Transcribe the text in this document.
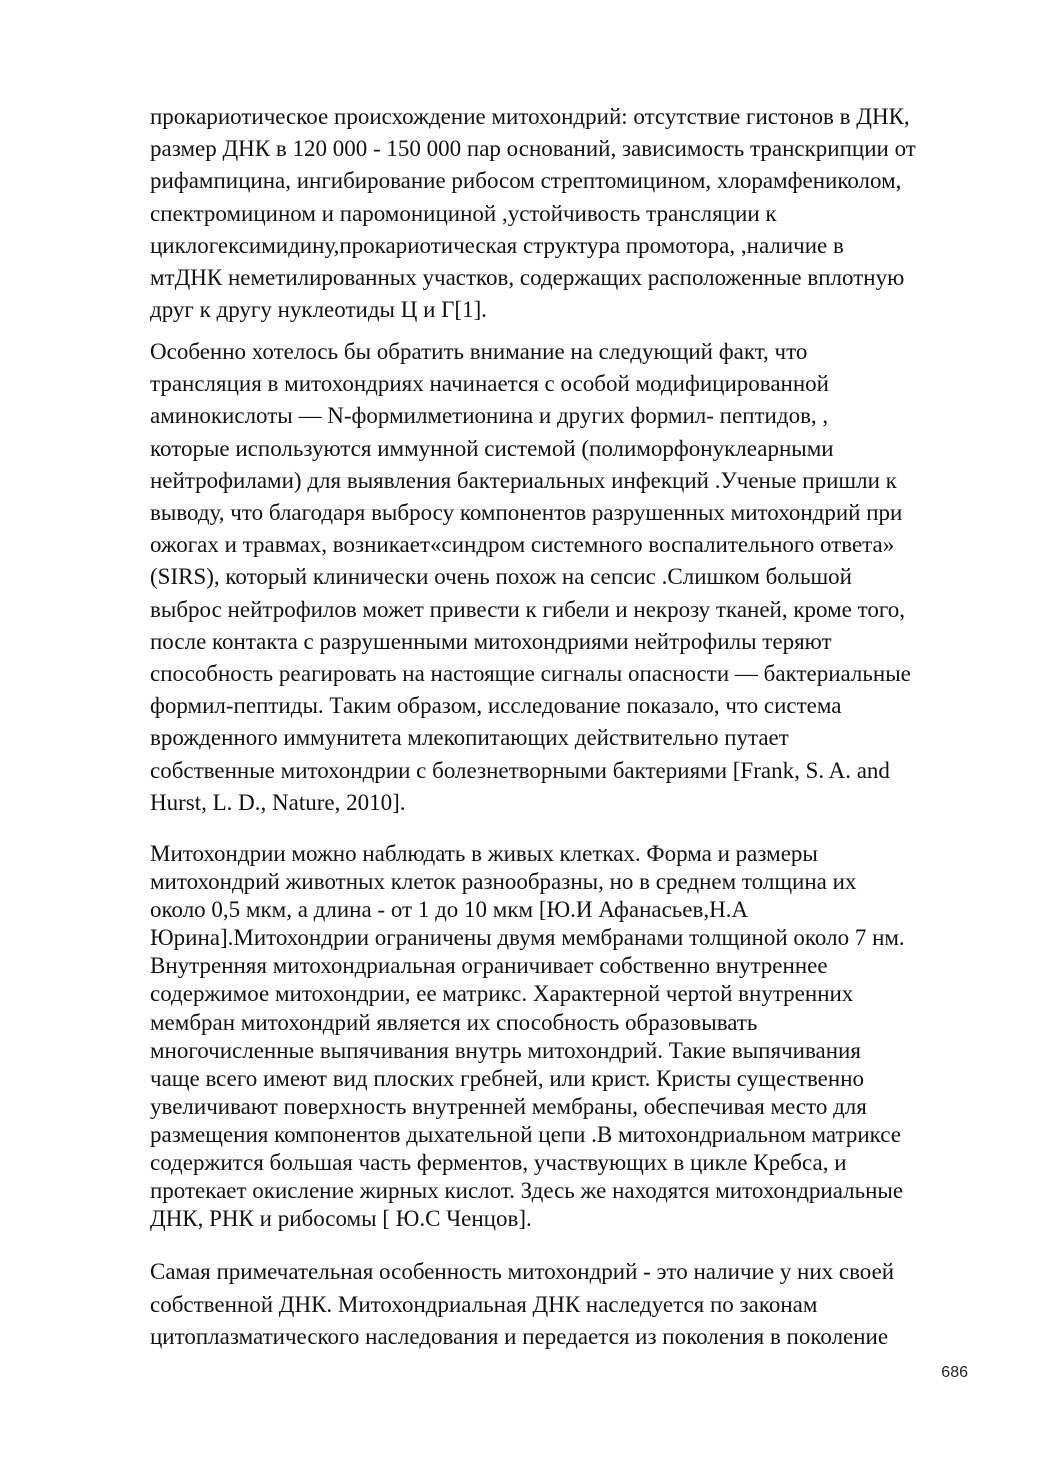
прокариотическое происхождение митохондрий: отсутствие гистонов в ДНК,
размер ДНК в 120 000 - 150 000 пар оснований, зависимость транскрипции от
рифампицина, ингибирование рибосом стрептомицином, хлорамфениколом,
спектромицином и паромонициной ,устойчивость трансляции к
циклогексимидину,прокариотическая структура промотора, ,наличие в
мтДНК неметилированных участков, содержащих расположенные вплотную
друг к другу нуклеотиды Ц и Г[1].

Особенно хотелось бы обратить внимание на следующий факт, что
трансляция в митохондриях начинается с особой модифицированной
аминокислоты — N-формилметионина и других формил- пептидов, ,
которые используются иммунной системой (полиморфонуклеарными
нейтрофилами) для выявления бактериальных инфекций .Ученые пришли к
выводу, что благодаря выбросу компонентов разрушенных митохондрий при
ожогах и травмах, возникает«синдром системного воспалительного ответа»
(SIRS), который клинически очень похож на сепсис .Слишком большой
выброс нейтрофилов может привести к гибели и некрозу тканей, кроме того,
после контакта с разрушенными митохондриями нейтрофилы теряют
способность реагировать на настоящие сигналы опасности — бактериальные
формил-пептиды. Таким образом, исследование показало, что система
врожденного иммунитета млекопитающих действительно путает
собственные митохондрии с болезнетворными бактериями [Frank, S. A. and
Hurst, L. D., Nature, 2010].

Митохондрии можно наблюдать в живых клетках. Форма и размеры
митохондрий животных клеток разнообразны, но в среднем толщина их
около 0,5 мкм, а длина - от 1 до 10 мкм [Ю.И Афанасьев,Н.А
Юрина].Митохондрии ограничены двумя мембранами толщиной около 7 нм.
Внутренняя митохондриальная ограничивает собственно внутреннее
содержимое митохондрии, ее матрикс. Характерной чертой внутренних
мембран митохондрий является их способность образовывать
многочисленные выпячивания внутрь митохондрий. Такие выпячивания
чаще всего имеют вид плоских гребней, или крист. Кристы существенно
увеличивают поверхность внутренней мембраны, обеспечивая место для
размещения компонентов дыхательной цепи .В митохондриальном матриксе
содержится большая часть ферментов, участвующих в цикле Кребса, и
протекает окисление жирных кислот. Здесь же находятся митохондриальные
ДНК, РНК и рибосомы [ Ю.С Ченцов].

Самая примечательная особенность митохондрий - это наличие у них своей
собственной ДНК. Митохондриальная ДНК наследуется по законам
цитоплазматического наследования и передается из поколения в поколение

686
